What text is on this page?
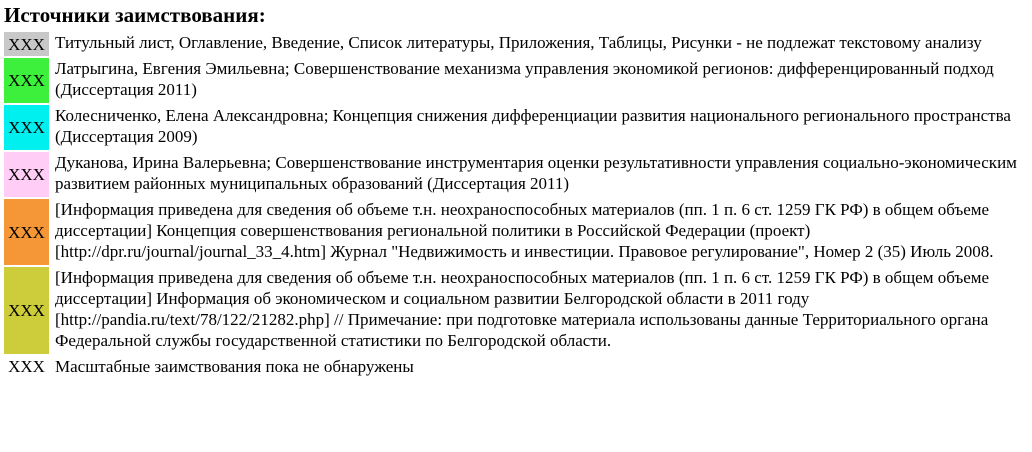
Источники заимствования:
XXX	Титульный лист, Оглавление, Введение, Список литературы, Приложения, Таблицы, Рисунки - не подлежат текстовому анализу
XXX	Латрыгина, Евгения Эмильевна; Совершенствование механизма управления экономикой регионов: дифференцированный подход (Диссертация 2011)
XXX	Колесниченко, Елена Александровна; Концепция снижения дифференциации развития национального регионального пространства (Диссертация 2009)
XXX	Дуканова, Ирина Валерьевна; Совершенствование инструментария оценки результативности управления социально-экономическим развитием районных муниципальных образований (Диссертация 2011)
XXX	[Информация приведена для сведения об объеме т.н. неохраноспособных материалов (пп. 1 п. 6 ст. 1259 ГК РФ) в общем объеме диссертации] Концепция совершенствования региональной политики в Российской Федерации (проект) [http://dpr.ru/journal/journal_33_4.htm] Журнал "Недвижимость и инвестиции. Правовое регулирование", Номер 2 (35) Июль 2008.
XXX	[Информация приведена для сведения об объеме т.н. неохраноспособных материалов (пп. 1 п. 6 ст. 1259 ГК РФ) в общем объеме диссертации] Информация об экономическом и социальном развитии Белгородской области в 2011 году [http://pandia.ru/text/78/122/21282.php] // Примечание: при подготовке материала использованы данные Территориального органа Федеральной службы государственной статистики по Белгородской области.
XXX	Масштабные заимствования пока не обнаружены
